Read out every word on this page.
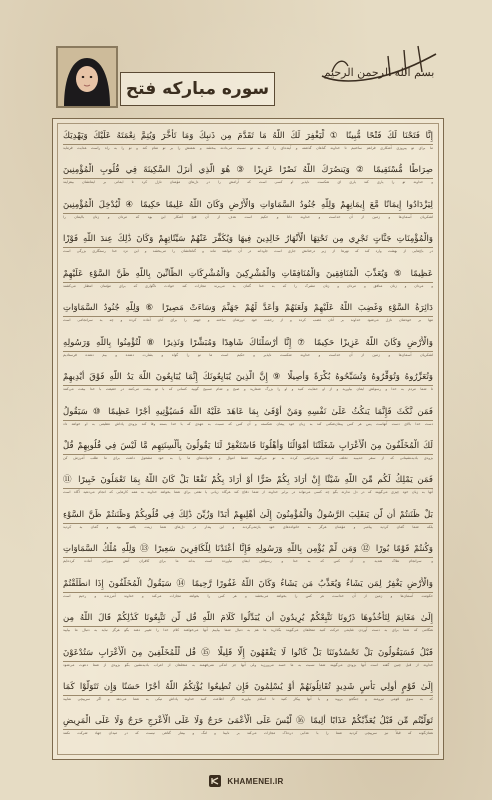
سوره مبارکه فتح
بسم الله الرحمن الرحيم
إِنَّا فَتَحْنَا لَكَ فَتْحًا مُّبِينًا ① لِّيَغْفِرَ لَكَ اللَّهُ مَا تَقَدَّمَ مِن ذَنبِكَ وَمَا تَأَخَّرَ وَيُتِمَّ نِعْمَتَهُ عَلَيْكَ وَيَهْدِيَكَ
ما برای تو پیروزی آشکاری فراهم ساختیم تا خداوند گناهان گذشته و آینده‌ای را که به تو نسبت می‌دادند ببخشد و نعمتش را بر تو تمام کند و تو را به راه راست هدایت فرماید
صِرَاطًا مُّسْتَقِيمًا ② وَيَنصُرَكَ اللَّهُ نَصْرًا عَزِيزًا ③ هُوَ الَّذِي أَنزَلَ السَّكِينَةَ فِي قُلُوبِ الْمُؤْمِنِينَ
و خداوند تو را یاری کند یاری ای شکست ناپذیر او کسی است که آرامش را در دل‌های مؤمنان نازل کرد تا ایمانی بر ایمانشان بیفزایند
لِيَزْدَادُوا إِيمَانًا مَّعَ إِيمَانِهِمْ وَلِلَّهِ جُنُودُ السَّمَاوَاتِ وَالْأَرْضِ وَكَانَ اللَّهُ عَلِيمًا حَكِيمًا ④ لِّيُدْخِلَ الْمُؤْمِنِينَ
لشکریان آسمان‌ها و زمین از آن خداست و خداوند دانا و حکیم است هدف از آن فتح آشکار این بود که مردان و زنان باایمان را
وَالْمُؤْمِنَاتِ جَنَّاتٍ تَجْرِي مِن تَحْتِهَا الْأَنْهَارُ خَالِدِينَ فِيهَا وَيُكَفِّرَ عَنْهُمْ سَيِّئَاتِهِمْ وَكَانَ ذَٰلِكَ عِندَ اللَّهِ فَوْزًا
در باغ‌هایی از بهشت وارد کند که نهرها از زیر درختانش جاری است جاودانه در آن خواهند ماند و گناهانشان را می‌بخشد و این نزد خدا رستگاری بزرگی است
عَظِيمًا ⑤ وَيُعَذِّبَ الْمُنَافِقِينَ وَالْمُنَافِقَاتِ وَالْمُشْرِكِينَ وَالْمُشْرِكَاتِ الظَّانِّينَ بِاللَّهِ ظَنَّ السَّوْءِ عَلَيْهِمْ
و مردان و زنان منافق و مردان و زنان مشرک را که به خدا گمان بد می‌برند مجازات کند حوادث ناگواری که برای مؤمنان انتظار می‌کشند
دَائِرَةُ السَّوْءِ وَغَضِبَ اللَّهُ عَلَيْهِمْ وَلَعَنَهُمْ وَأَعَدَّ لَهُمْ جَهَنَّمَ وَسَاءَتْ مَصِيرًا ⑥ وَلِلَّهِ جُنُودُ السَّمَاوَاتِ
تنها بر خودشان نازل می‌شود خداوند بر آنان غضب کرده و از رحمت خود دورشان ساخته و جهنم را برای آنان آماده کرده و چه بد سرانجامی است
وَالْأَرْضِ وَكَانَ اللَّهُ عَزِيزًا حَكِيمًا ⑦ إِنَّا أَرْسَلْنَاكَ شَاهِدًا وَمُبَشِّرًا وَنَذِيرًا ⑧ لِّتُؤْمِنُوا بِاللَّهِ وَرَسُولِهِ
لشکریان آسمان‌ها و زمین از آن خداست و خداوند شکست ناپذیر و حکیم است ما تو را گواه و بشارت دهنده و بیم دهنده فرستادیم
وَتُعَزِّرُوهُ وَتُوَقِّرُوهُ وَتُسَبِّحُوهُ بُكْرَةً وَأَصِيلًا ⑨ إِنَّ الَّذِينَ يُبَايِعُونَكَ إِنَّمَا يُبَايِعُونَ اللَّهَ يَدُ اللَّهِ فَوْقَ أَيْدِيهِمْ
تا شما مردم به خدا و رسولش ایمان بیاورید و از او حمایت کنید و او را بزرگ شمارید و صبح و شام تسبیح گویید کسانی که با تو بیعت می‌کنند در حقیقت با خدا بیعت می‌کنند
فَمَن نَّكَثَ فَإِنَّمَا يَنكُثُ عَلَىٰ نَفْسِهِ وَمَنْ أَوْفَىٰ بِمَا عَاهَدَ عَلَيْهُ اللَّهَ فَسَيُؤْتِيهِ أَجْرًا عَظِيمًا ⑩ سَيَقُولُ
دست خدا بالای دست آنهاست پس هر کس پیمان‌شکنی کند به زیان خود پیمان شکسته و آن کس که نسبت به عهدی که با خدا بسته وفا کند بزودی پاداش عظیمی به او خواهد داد
لَكَ الْمُخَلَّفُونَ مِنَ الْأَعْرَابِ شَغَلَتْنَا أَمْوَالُنَا وَأَهْلُونَا فَاسْتَغْفِرْ لَنَا يَقُولُونَ بِأَلْسِنَتِهِم مَّا لَيْسَ فِي قُلُوبِهِمْ قُلْ
بزودی بادیه‌نشینانی که از سفر حدیبیه تخلف کردند عذرتراشی کرده به تو می‌گویند حفظ اموال و خانواده‌های ما را به خود مشغول داشت برای ما طلب آمرزش کن
فَمَن يَمْلِكُ لَكُم مِّنَ اللَّهِ شَيْئًا إِنْ أَرَادَ بِكُمْ ضَرًّا أَوْ أَرَادَ بِكُمْ نَفْعًا بَلْ كَانَ اللَّهُ بِمَا تَعْمَلُونَ خَبِيرًا ⑪
آنها به زبان خود چیزی می‌گویند که در دل ندارند بگو چه کسی می‌تواند در برابر خداوند از شما دفاع کند هرگاه زیانی یا نفعی برای شما بخواهد خداوند به همه کارهایی که انجام می‌دهید آگاه است
بَلْ ظَنَنتُمْ أَن لَّن يَنقَلِبَ الرَّسُولُ وَالْمُؤْمِنُونَ إِلَىٰ أَهْلِيهِمْ أَبَدًا وَزُيِّنَ ذَٰلِكَ فِي قُلُوبِكُمْ وَظَنَنتُمْ ظَنَّ السَّوْءِ
بلکه شما گمان کردید پیامبر و مؤمنان هرگز به خانواده‌های خود بازنمی‌گردند و این پندار در دل‌های شما زینت یافته بود و گمان بد کردید
وَكُنتُمْ قَوْمًا بُورًا ⑫ وَمَن لَّمْ يُؤْمِن بِاللَّهِ وَرَسُولِهِ فَإِنَّا أَعْتَدْنَا لِلْكَافِرِينَ سَعِيرًا ⑬ وَلِلَّهِ مُلْكُ السَّمَاوَاتِ
و سرانجام هلاک شدید و آن کس که به خدا و رسولش ایمان نیاورده است بداند ما برای کافران آتش سوزانی آماده کرده‌ایم
وَالْأَرْضِ يَغْفِرُ لِمَن يَشَاءُ وَيُعَذِّبُ مَن يَشَاءُ وَكَانَ اللَّهُ غَفُورًا رَّحِيمًا ⑭ سَيَقُولُ الْمُخَلَّفُونَ إِذَا انطَلَقْتُمْ
حکومت آسمان‌ها و زمین از آن خداست هر کس را بخواهد می‌بخشد و هر کس را بخواهد مجازات می‌کند و خداوند آمرزنده و رحیم است
إِلَىٰ مَغَانِمَ لِتَأْخُذُوهَا ذَرُونَا نَتَّبِعْكُمْ يُرِيدُونَ أَن يُبَدِّلُوا كَلَامَ اللَّهِ قُل لَّن تَتَّبِعُونَا كَذَٰلِكُمْ قَالَ اللَّهُ مِن
هنگامی که شما برای به دست آوردن غنایمی حرکت کنید متخلفان می‌گویند بگذارید ما هم به دنبال شما بیاییم آنها می‌خواهند کلام خدا را تغییر دهند بگو هرگز نباید به دنبال ما بیایید
قَبْلُ فَسَيَقُولُونَ بَلْ تَحْسُدُونَنَا بَلْ كَانُوا لَا يَفْقَهُونَ إِلَّا قَلِيلًا ⑮ قُل لِّلْمُخَلَّفِينَ مِنَ الْأَعْرَابِ سَتُدْعَوْنَ
خداوند از قبل چنین گفته است آنها بزودی می‌گویند شما نسبت به ما حسد می‌ورزید ولی آنها جز اندکی نمی‌فهمند به متخلفان از اعراب بادیه‌نشین بگو بزودی از شما دعوت می‌شود
إِلَىٰ قَوْمٍ أُولِي بَأْسٍ شَدِيدٍ تُقَاتِلُونَهُمْ أَوْ يُسْلِمُونَ فَإِن تُطِيعُوا يُؤْتِكُمُ اللَّهُ أَجْرًا حَسَنًا وَإِن تَتَوَلَّوْا كَمَا
که به سوی قومی نیرومند و جنگجو بروید و با آنها پیکار کنید تا اسلام بیاورند اگر اطاعت کنید خداوند پاداش نیکی به شما می‌دهد و اگر سرپیچی نمایید
تَوَلَّيْتُم مِّن قَبْلُ يُعَذِّبْكُمْ عَذَابًا أَلِيمًا ⑯ لَّيْسَ عَلَى الْأَعْمَىٰ حَرَجٌ وَلَا عَلَى الْأَعْرَجِ حَرَجٌ وَلَا عَلَى الْمَرِيضِ
همان‌گونه که قبلاً نیز سرپیچی کردید شما را با عذابی دردناک مجازات می‌کند بر نابینا و لنگ و بیمار گناهی نیست که در میدان جهاد شرکت نکنند
KHAMENEI.IR
